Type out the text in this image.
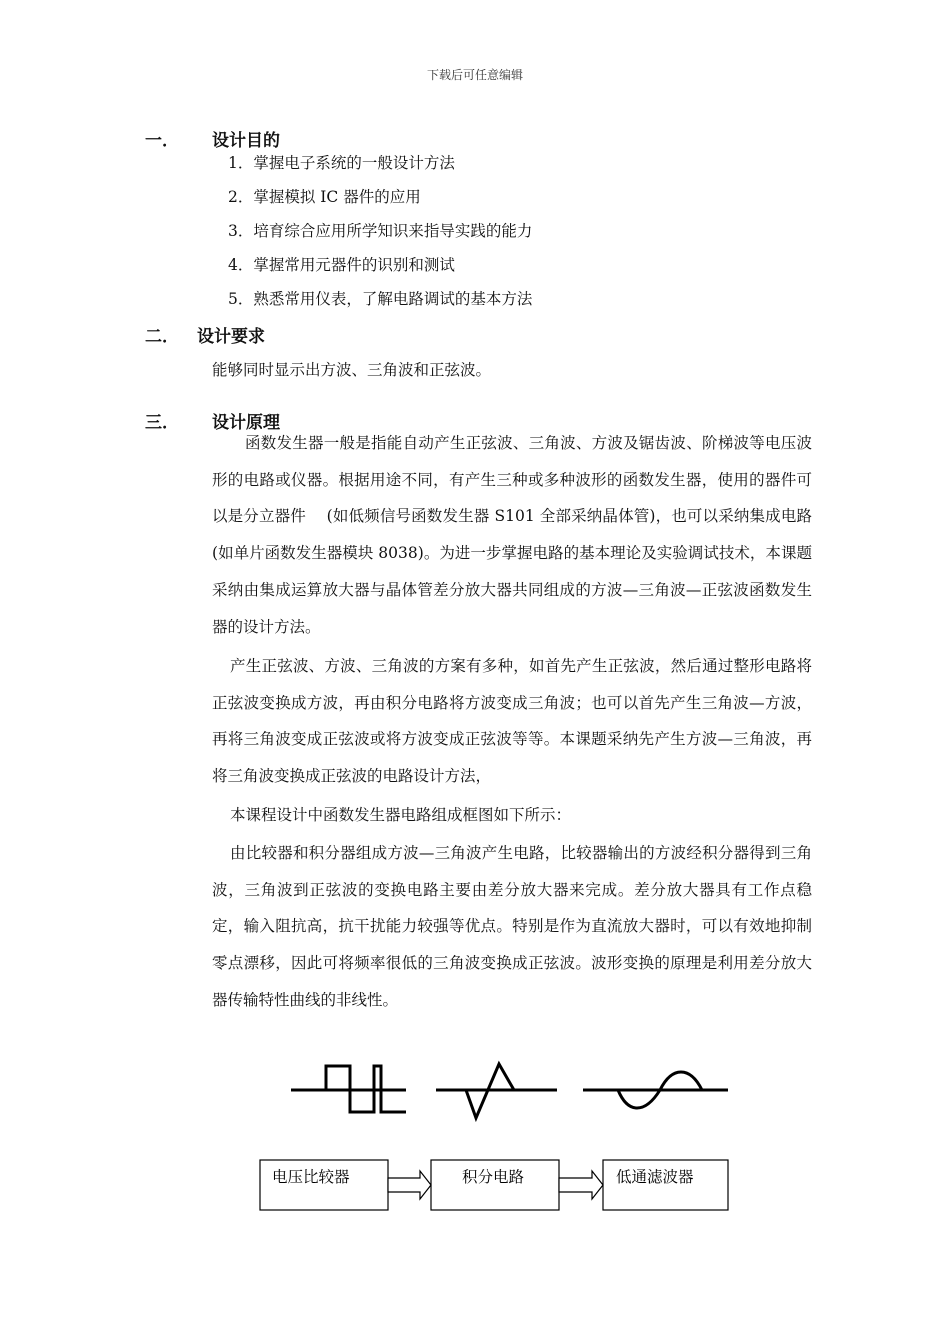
下载后可任意编辑
一． 设计目的
1．掌握电子系统的一般设计方法
2．掌握模拟 IC 器件的应用
3．培育综合应用所学知识来指导实践的能力
4．掌握常用元器件的识别和测试
5．熟悉常用仪表，了解电路调试的基本方法
二． 设计要求
能够同时显示出方波、三角波和正弦波。
三． 设计原理
函数发生器一般是指能自动产生正弦波、三角波、方波及锯齿波、阶梯波等电压波形的电路或仪器。根据用途不同，有产生三种或多种波形的函数发生器，使用的器件可以是分立器件　 (如低频信号函数发生器 S101 全部采纳晶体管)，也可以采纳集成电路(如单片函数发生器模块 8038)。为进一步掌握电路的基本理论及实验调试技术，本课题采纳由集成运算放大器与晶体管差分放大器共同组成的方波—三角波—正弦波函数发生器的设计方法。
产生正弦波、方波、三角波的方案有多种，如首先产生正弦波，然后通过整形电路将正弦波变换成方波，再由积分电路将方波变成三角波；也可以首先产生三角波—方波，再将三角波变成正弦波或将方波变成正弦波等等。本课题采纳先产生方波—三角波，再将三角波变换成正弦波的电路设计方法，
本课程设计中函数发生器电路组成框图如下所示：
由比较器和积分器组成方波—三角波产生电路，比较器输出的方波经积分器得到三角波，三角波到正弦波的变换电路主要由差分放大器来完成。差分放大器具有工作点稳定，输入阻抗高，抗干扰能力较强等优点。特别是作为直流放大器时，可以有效地抑制零点漂移，因此可将频率很低的三角波变换成正弦波。波形变换的原理是利用差分放大器传输特性曲线的非线性。
电压比较器	积分电路	低通滤波器
